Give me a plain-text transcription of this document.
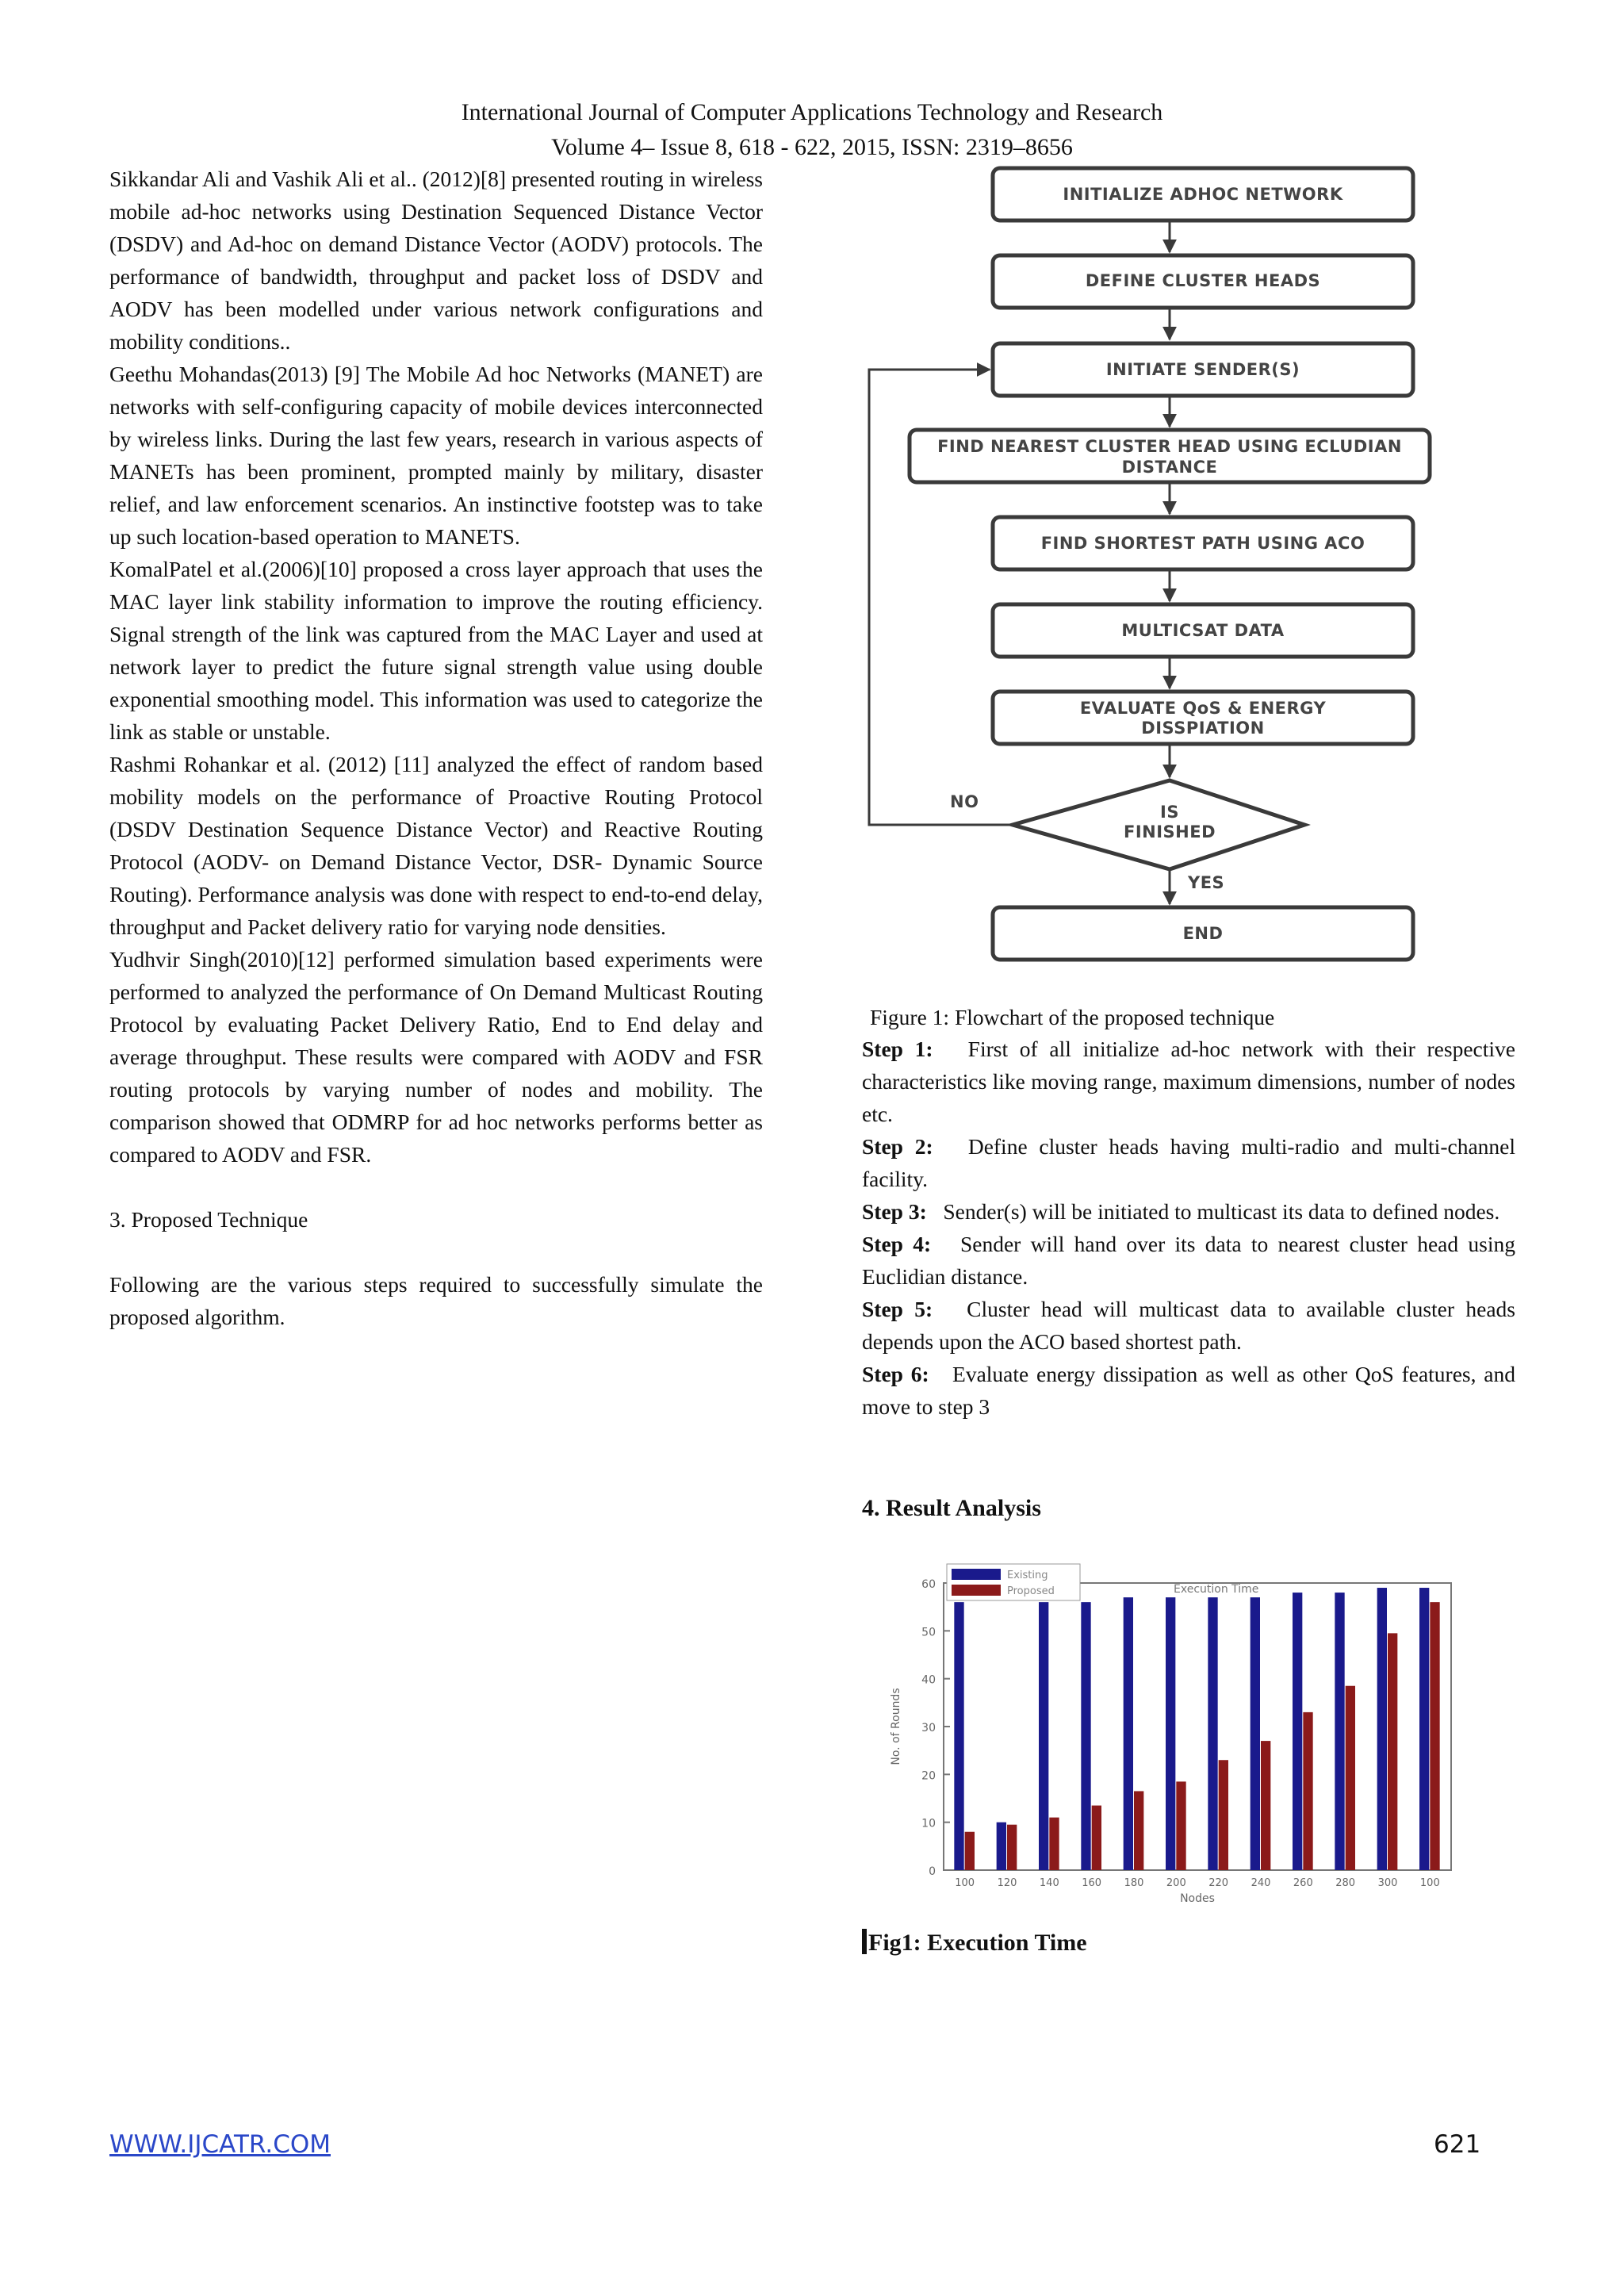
International Journal of Computer Applications Technology and Research
Volume 4– Issue 8, 618 - 622, 2015, ISSN: 2319–8656

Sikkandar Ali and Vashik Ali et al.. (2012)[8] presented routing in wireless mobile ad-hoc networks using Destination Sequenced Distance Vector (DSDV) and Ad-hoc on demand Distance Vector (AODV) protocols. The performance of bandwidth, throughput and packet loss of DSDV and AODV has been modelled under various network configurations and mobility conditions..

Geethu Mohandas(2013) [9] The Mobile Ad hoc Networks (MANET) are networks with self-configuring capacity of mobile devices interconnected by wireless links. During the last few years, research in various aspects of MANETs has been prominent, prompted mainly by military, disaster relief, and law enforcement scenarios. An instinctive footstep was to take up such location-based operation to MANETS.

KomalPatel et al.(2006)[10] proposed a cross layer approach that uses the MAC layer link stability information to improve the routing efficiency. Signal strength of the link was captured from the MAC Layer and used at network layer to predict the future signal strength value using double exponential smoothing model. This information was used to categorize the link as stable or unstable.

Rashmi Rohankar et al. (2012) [11] analyzed the effect of random based mobility models on the performance of Proactive Routing Protocol (DSDV Destination Sequence Distance Vector) and Reactive Routing Protocol (AODV- on Demand Distance Vector, DSR- Dynamic Source Routing). Performance analysis was done with respect to end-to-end delay, throughput and Packet delivery ratio for varying node densities.

Yudhvir Singh(2010)[12] performed simulation based experiments were performed to analyzed the performance of On Demand Multicast Routing Protocol by evaluating Packet Delivery Ratio, End to End delay and average throughput. These results were compared with AODV and FSR routing protocols by varying number of nodes and mobility. The comparison showed that ODMRP for ad hoc networks performs better as compared to AODV and FSR.

3. Proposed Technique

Following are the various steps required to successfully simulate the proposed algorithm.

INITIALIZE ADHOC NETWORK
DEFINE CLUSTER HEADS
INITIATE SENDER(S)
FIND NEAREST CLUSTER HEAD USING ECLUDIAN
DISTANCE
FIND SHORTEST PATH USING ACO
MULTICSAT DATA
EVALUATE QoS & ENERGY
DISSPIATION
IS
FINISHED
NO
YES
END
Figure 1: Flowchart of the proposed technique

Step 1: First of all initialize ad-hoc network with their respective characteristics like moving range, maximum dimensions, number of nodes etc.

Step 2: Define cluster heads having multi-radio and multi-channel facility.

Step 3: Sender(s) will be initiated to multicast its data to defined nodes.

Step 4: Sender will hand over its data to nearest cluster head using Euclidian distance.

Step 5: Cluster head will multicast data to available cluster heads depends upon the ACO based shortest path.

Step 6: Evaluate energy dissipation as well as other QoS features, and move to step 3

4. Result Analysis
0
10
20
30
40
50
60
100 120 140 160 180 200 220 240 260 280 300 100
Nodes
No. of Rounds
Execution Time
Existing
Proposed
Fig1: Execution Time
WWW.IJCATR.COM	621
